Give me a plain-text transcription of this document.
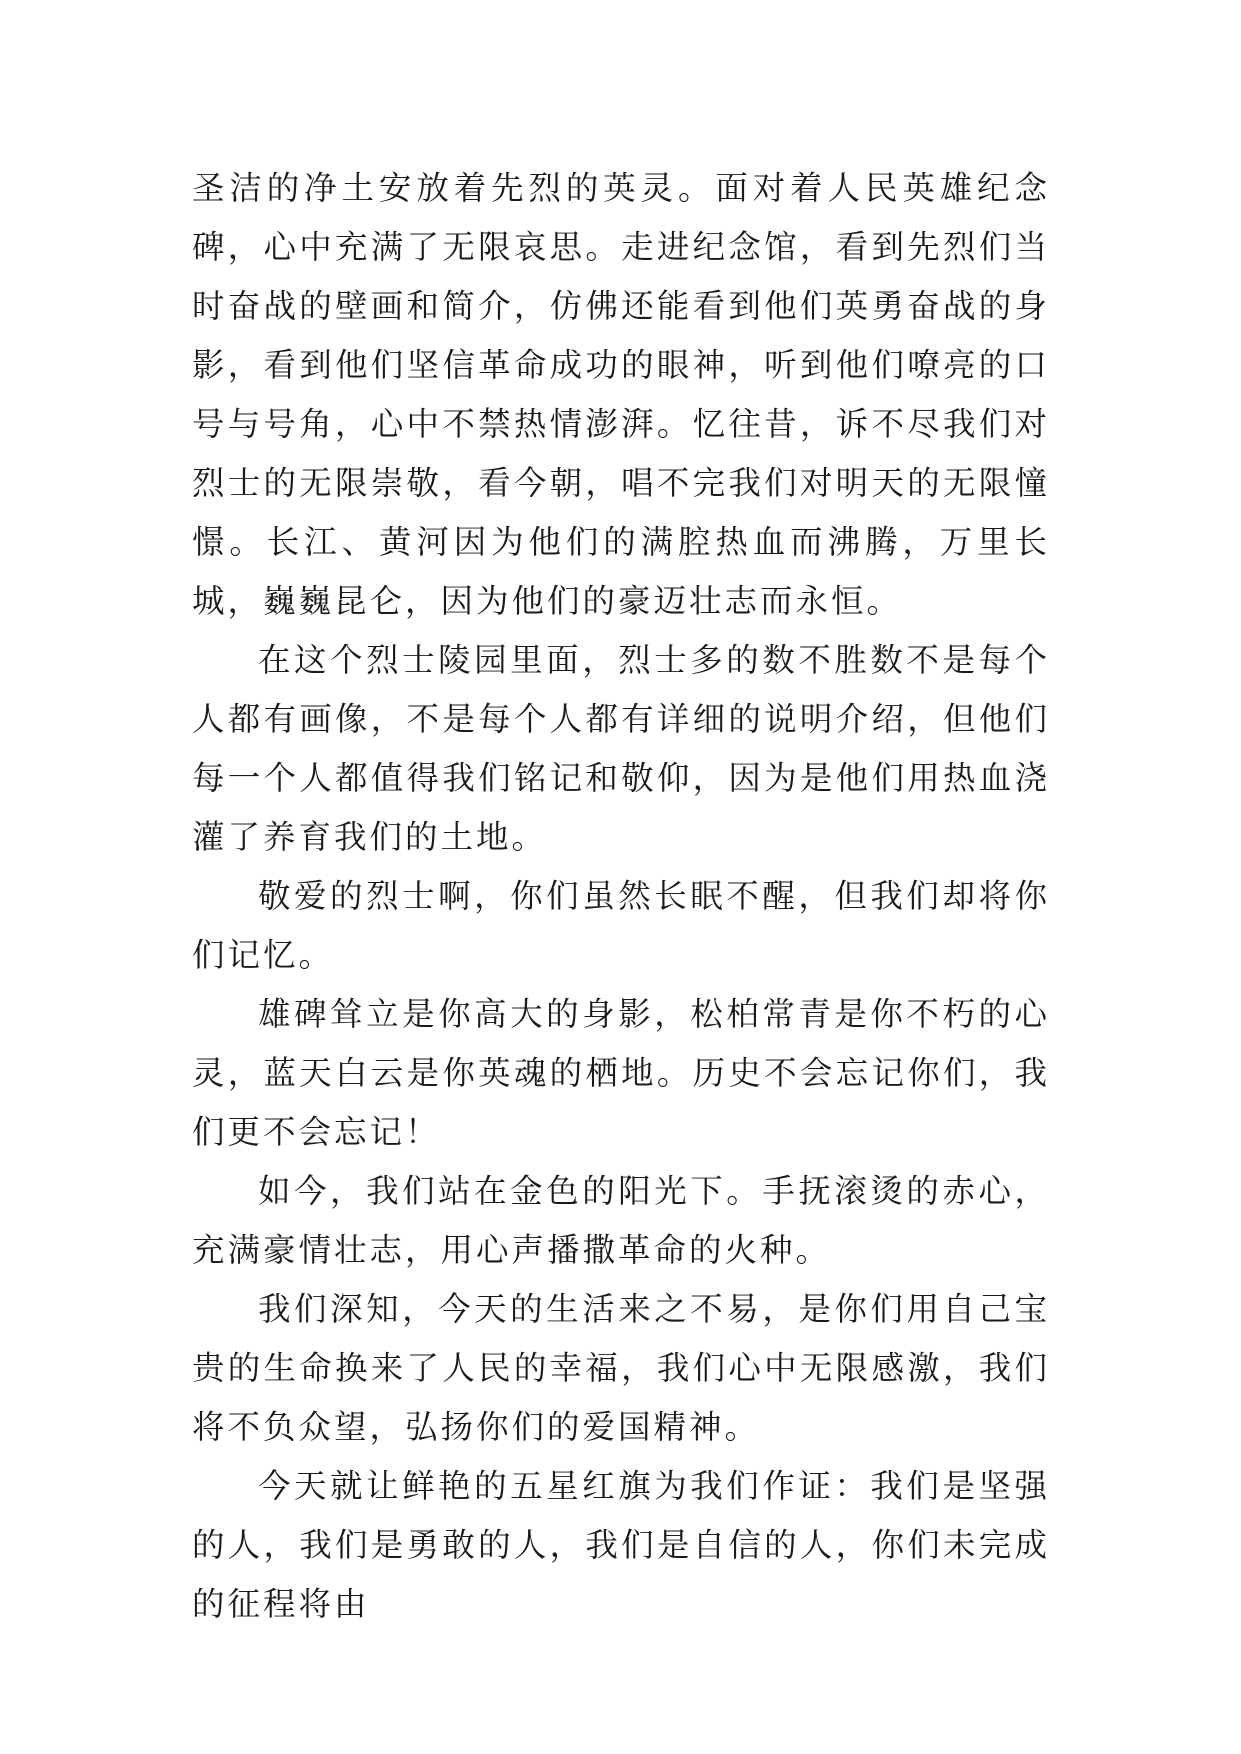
圣洁的净土安放着先烈的英灵。面对着人民英雄纪念碑，心中充满了无限哀思。走进纪念馆，看到先烈们当时奋战的壁画和简介，仿佛还能看到他们英勇奋战的身影，看到他们坚信革命成功的眼神，听到他们嘹亮的口号与号角，心中不禁热情澎湃。忆往昔，诉不尽我们对烈士的无限崇敬，看今朝，唱不完我们对明天的无限憧憬。长江、黄河因为他们的满腔热血而沸腾，万里长城，巍巍昆仑，因为他们的豪迈壮志而永恒。

在这个烈士陵园里面，烈士多的数不胜数不是每个人都有画像，不是每个人都有详细的说明介绍，但他们每一个人都值得我们铭记和敬仰，因为是他们用热血浇灌了养育我们的土地。

敬爱的烈士啊，你们虽然长眠不醒，但我们却将你们记忆。

雄碑耸立是你高大的身影，松柏常青是你不朽的心灵，蓝天白云是你英魂的栖地。历史不会忘记你们，我们更不会忘记！

如今，我们站在金色的阳光下。手抚滚烫的赤心，充满豪情壮志，用心声播撒革命的火种。

我们深知，今天的生活来之不易，是你们用自己宝贵的生命换来了人民的幸福，我们心中无限感激，我们将不负众望，弘扬你们的爱国精神。

今天就让鲜艳的五星红旗为我们作证：我们是坚强的人，我们是勇敢的人，我们是自信的人，你们未完成的征程将由
